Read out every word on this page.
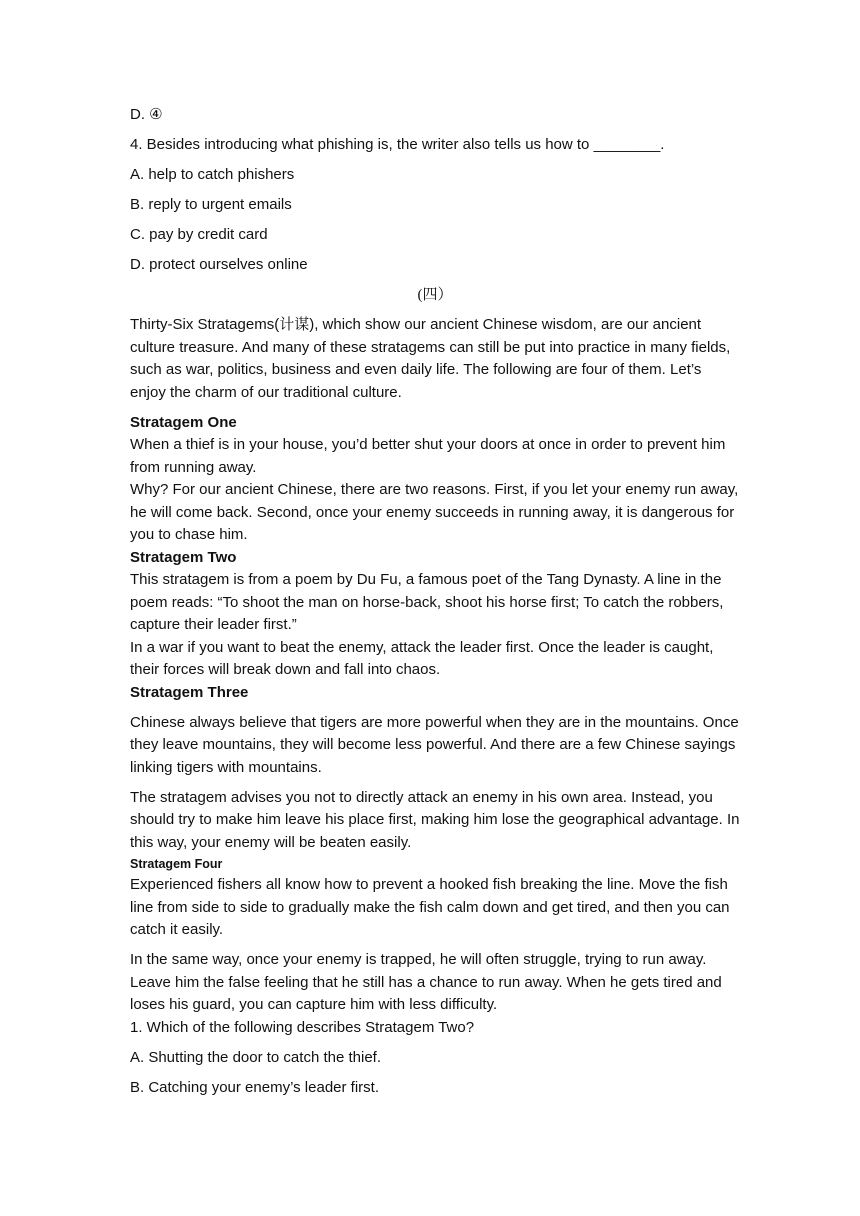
D. ④
4. Besides introducing what phishing is, the writer also tells us how to ________.
A. help to catch phishers
B. reply to urgent emails
C. pay by credit card
D. protect ourselves online
(四）
Thirty-Six Stratagems(计谋), which show our ancient Chinese wisdom, are our ancient culture treasure. And many of these stratagems can still be put into practice in many fields, such as war, politics, business and even daily life. The following are four of them. Let’s enjoy the charm of our traditional culture.
Stratagem One
When a thief is in your house, you’d better shut your doors at once in order to prevent him from running away.
Why? For our ancient Chinese, there are two reasons. First, if you let your enemy run away, he will come back. Second, once your enemy succeeds in running away, it is dangerous for you to chase him.
Stratagem Two
This stratagem is from a poem by Du Fu, a famous poet of the Tang Dynasty. A line in the poem reads: “To shoot the man on horse-back, shoot his horse first; To catch the robbers, capture their leader first.”
In a war if you want to beat the enemy, attack the leader first. Once the leader is caught, their forces will break down and fall into chaos.
Stratagem Three
Chinese always believe that tigers are more powerful when they are in the mountains. Once they leave mountains, they will become less powerful. And there are a few Chinese sayings linking tigers with mountains.
The stratagem advises you not to directly attack an enemy in his own area. Instead, you should try to make him leave his place first, making him lose the geographical advantage. In this way, your enemy will be beaten easily.
Stratagem Four
Experienced fishers all know how to prevent a hooked fish breaking the line. Move the fish line from side to side to gradually make the fish calm down and get tired, and then you can catch it easily.
In the same way, once your enemy is trapped, he will often struggle, trying to run away. Leave him the false feeling that he still has a chance to run away. When he gets tired and loses his guard, you can capture him with less difficulty.
1. Which of the following describes Stratagem Two?
A. Shutting the door to catch the thief.
B. Catching your enemy’s leader first.
